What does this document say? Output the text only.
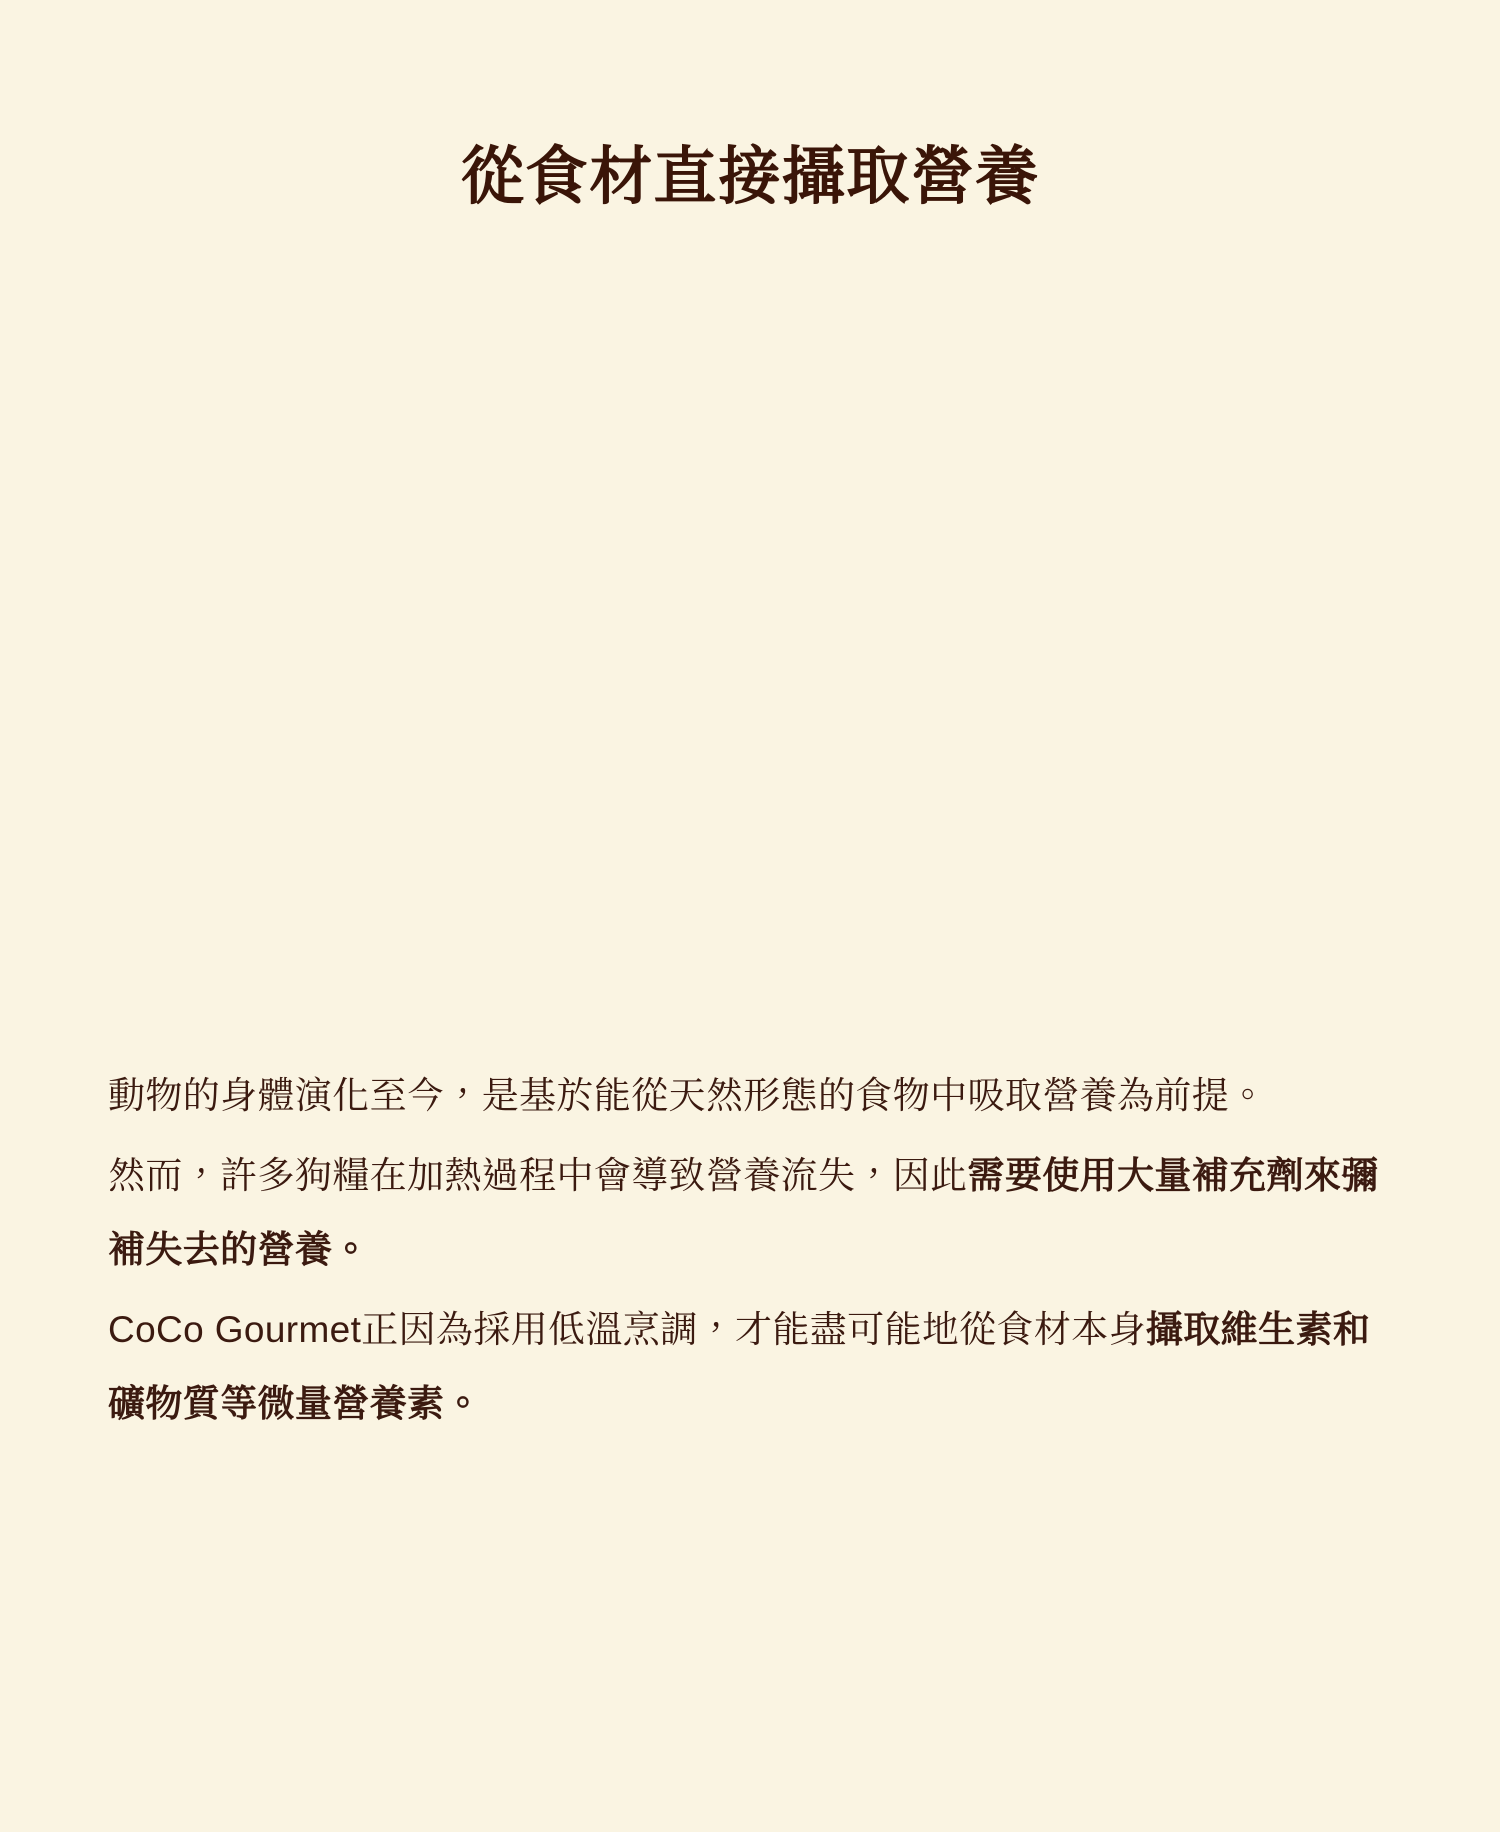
從食材直接攝取營養

動物的身體演化至今，是基於能從天然形態的食物中吸取營養為前提。

然而，許多狗糧在加熱過程中會導致營養流失，因此需要使用大量補充劑來彌補失去的營養。

CoCo Gourmet正因為採用低溫烹調，才能盡可能地從食材本身攝取維生素和礦物質等微量營養素。
